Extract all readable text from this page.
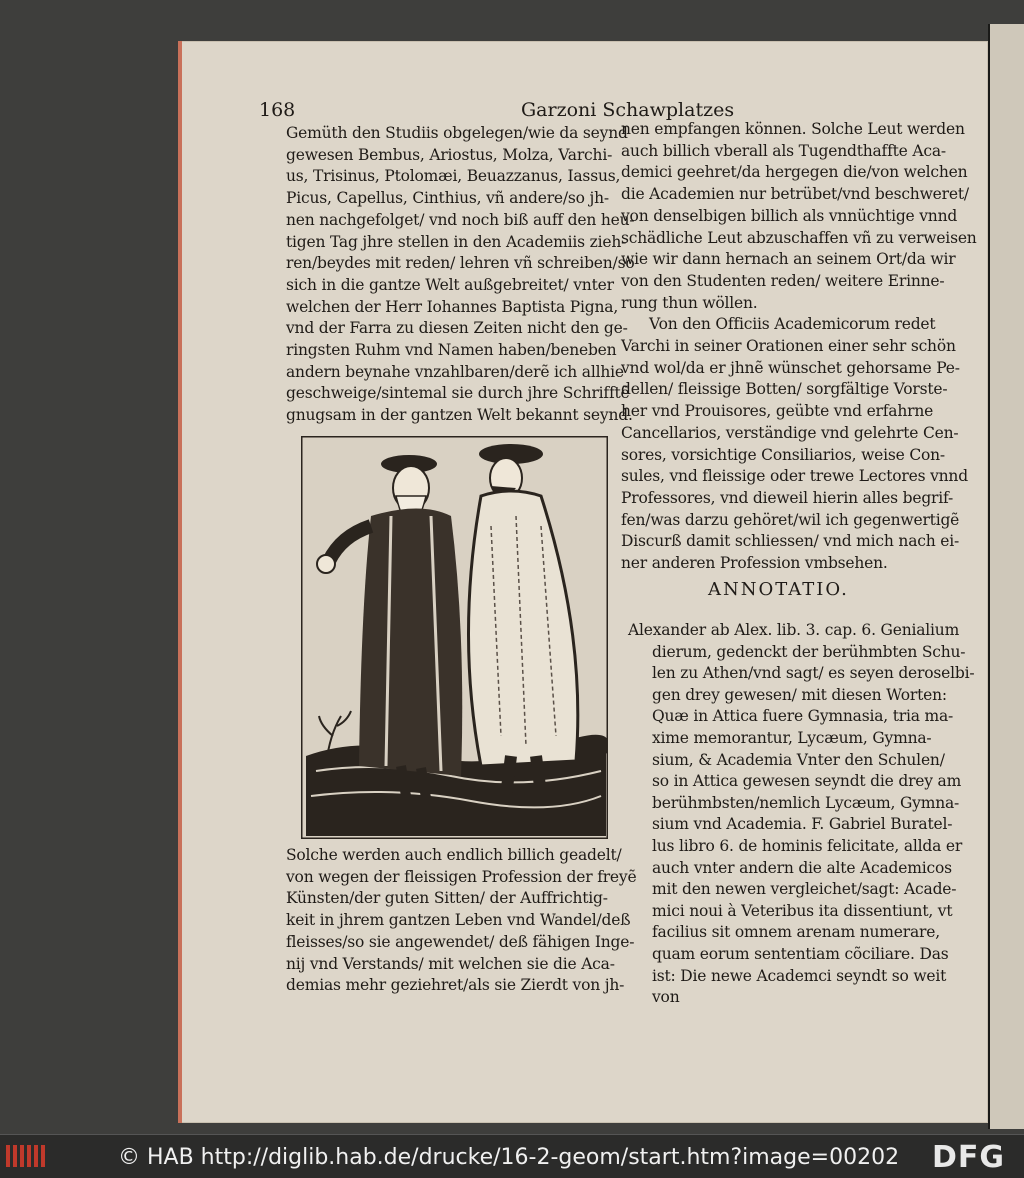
168	Garzoni Schawplatzes
ANNOTATIO.
© HAB http://diglib.hab.de/drucke/16-2-geom/start.htm?image=00202 DFG
Gemüth den Studiis obgelegen/wie da seynd
gewesen Bembus, Ariostus, Molza, Varchi-
us, Trisinus, Ptolomæi, Beuazzanus, Iassus,
Picus, Capellus, Cinthius, vñ andere/so jh-
nen nachgefolget/ vnd noch biß auff den heu-
tigen Tag jhre stellen in den Academiis zieh-
ren/beydes mit reden/ lehren vñ schreiben/so
sich in die gantze Welt außgebreitet/ vnter
welchen der Herr Iohannes Baptista Pigna,
vnd der Farra zu diesen Zeiten nicht den ge-
ringsten Ruhm vnd Namen haben/beneben
andern beynahe vnzahlbaren/derẽ ich allhie
geschweige/sintemal sie durch jhre Schrifftẽ
gnugsam in der gantzen Welt bekannt seynd.
Solche werden auch endlich billich geadelt/
von wegen der fleissigen Profession der freyẽ
Künsten/der guten Sitten/ der Auffrichtig-
keit in jhrem gantzen Leben vnd Wandel/deß
fleisses/so sie angewendet/ deß fähigen Inge-
nij vnd Verstands/ mit welchen sie die Aca-
demias mehr geziehret/als sie Zierdt von jh-
nen empfangen können. Solche Leut werden
auch billich vberall als Tugendthaffte Aca-
demici geehret/da hergegen die/von welchen
die Academien nur betrübet/vnd beschweret/
von denselbigen billich als vnnüchtige vnnd
schädliche Leut abzuschaffen vñ zu verweisen
wie wir dann hernach an seinem Ort/da wir
von den Studenten reden/ weitere Erinne-
rung thun wöllen.
Von den Officiis Academicorum redet
Varchi in seiner Orationen einer sehr schön
vnd wol/da er jhnẽ wünschet gehorsame Pe-
dellen/ fleissige Botten/ sorgfältige Vorste-
her vnd Prouisores, geübte vnd erfahrne
Cancellarios, verständige vnd gelehrte Cen-
sores, vorsichtige Consiliarios, weise Con-
sules, vnd fleissige oder trewe Lectores vnnd
Professores, vnd dieweil hierin alles begrif-
fen/was darzu gehöret/wil ich gegenwertigẽ
Discurß damit schliessen/ vnd mich nach ei-
ner anderen Profession vmbsehen.
Alexander ab Alex. lib. 3. cap. 6. Genialium
dierum, gedenckt der berühmbten Schu-
len zu Athen/vnd sagt/ es seyen deroselbi-
gen drey gewesen/ mit diesen Worten:
Quæ in Attica fuere Gymnasia, tria ma-
xime memorantur, Lycæum, Gymna-
sium, & Academia Vnter den Schulen/
so in Attica gewesen seyndt die drey am
berühmbsten/nemlich Lycæum, Gymna-
sium vnd Academia. F. Gabriel Buratel-
lus libro 6. de hominis felicitate, allda er
auch vnter andern die alte Academicos
mit den newen vergleichet/sagt: Acade-
mici noui à Veteribus ita dissentiunt, vt
facilius sit omnem arenam numerare,
quam eorum sententiam cõciliare. Das
ist: Die newe Academci seyndt so weit
von
